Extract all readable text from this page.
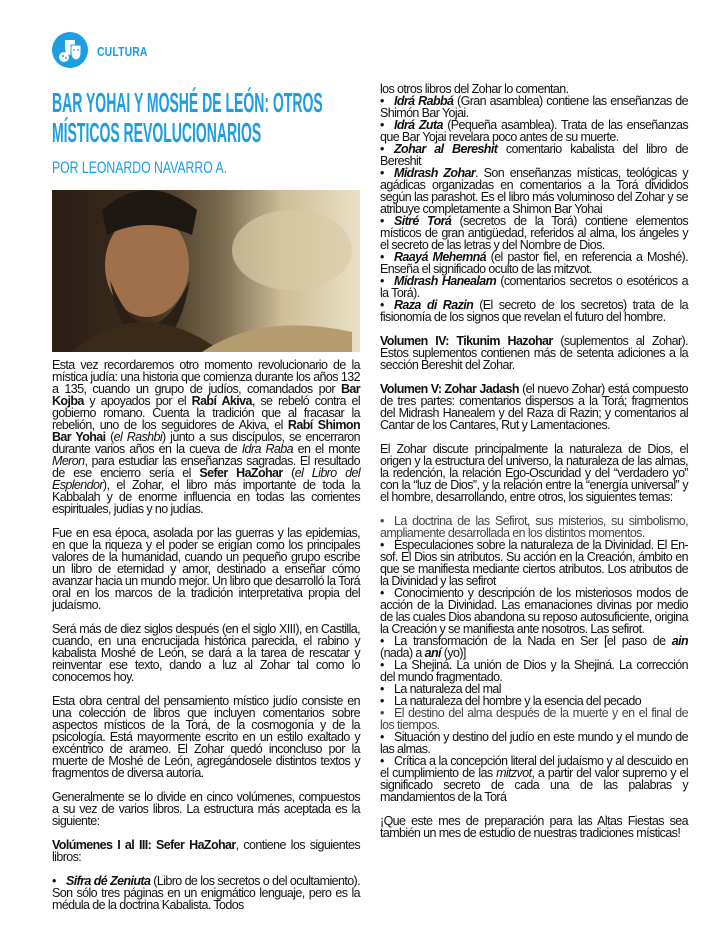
CULTURA
BAR YOHAI Y MOSHÉ DE LEÓN: OTROS
MÍSTICOS REVOLUCIONARIOS
POR LEONARDO NAVARRO A.

Esta vez recordaremos otro momento revolucionario de la mística judía: una historia que comienza durante los años 132 a 135, cuando un grupo de judíos, comandados por Bar Kojba y apoyados por el Rabí Akiva, se rebeló contra el gobierno romano. Cuenta la tradición que al fracasar la rebelión, uno de los seguidores de Akiva, el Rabí Shimon Bar Yohai (el Rashbi) junto a sus discípulos, se encerraron durante varios años en la cueva de Idra Raba en el monte Meron, para estudiar las enseñanzas sagradas. El resultado de ese encierro sería el Sefer HaZohar (el Libro del Esplendor), el Zohar, el libro más importante de toda la Kabbalah y de enorme influencia en todas las corrientes espirituales, judías y no judías.

Fue en esa época, asolada por las guerras y las epidemias, en que la riqueza y el poder se erigían como los principales valores de la humanidad, cuando un pequeño grupo escribe un libro de eternidad y amor, destinado a enseñar cómo avanzar hacia un mundo mejor. Un libro que desarrolló la Torá oral en los marcos de la tradición interpretativa propia del judaísmo.

Será más de diez siglos después (en el siglo XIII), en Castilla, cuando, en una encrucijada histórica parecida, el rabino y kabalista Moshé de León, se dará a la tarea de rescatar y reinventar ese texto, dando a luz al Zohar tal como lo conocemos hoy.

Esta obra central del pensamiento místico judío consiste en una colección de libros que incluyen comentarios sobre aspectos místicos de la Torá, de la cosmogonía y de la psicología. Está mayormente escrito en un estilo exaltado y excéntrico de arameo. El Zohar quedó inconcluso por la muerte de Moshé de León, agregándosele distintos textos y fragmentos de diversa autoría.

Generalmente se lo divide en cinco volúmenes, compuestos a su vez de varios libros. La estructura más aceptada es la siguiente:

Volúmenes I al III: Sefer HaZohar, contiene los siguientes libros:

• Sifra dé Zeniuta (Libro de los secretos o del ocultamiento). Son sólo tres páginas en un enigmático lenguaje, pero es la médula de la doctrina Kabalista. Todos

los otros libros del Zohar lo comentan.

• Idrá Rabbá (Gran asamblea) contiene las enseñanzas de Shimón Bar Yojai.

• Idrá Zuta (Pequeña asamblea). Trata de las enseñanzas que Bar Yojai revelara poco antes de su muerte.

• Zohar al Bereshit comentario kabalista del libro de Bereshit

• Midrash Zohar. Son enseñanzas místicas, teológicas y agádicas organizadas en comentarios a la Torá divididos según las parashot. Es el libro más voluminoso del Zohar y se atribuye completamente a Shimon Bar Yohai

• Sitré Torá (secretos de la Torá) contiene elementos místicos de gran antigüedad, referidos al alma, los ángeles y el secreto de las letras y del Nombre de Dios.

• Raayá Mehemná (el pastor fiel, en referencia a Moshé). Enseña el significado oculto de las mitzvot.

• Midrash Hanealam (comentarios secretos o esotéricos a la Torá).

• Raza di Razin (El secreto de los secretos) trata de la fisionomía de los signos que revelan el futuro del hombre.

Volumen IV: Tikunim Hazohar (suplementos al Zohar). Estos suplementos contienen más de setenta adiciones a la sección Bereshit del Zohar.

Volumen V: Zohar Jadash (el nuevo Zohar) está compuesto de tres partes: comentarios dispersos a la Torá; fragmentos del Midrash Hanealem y del Raza di Razin; y comentarios al Cantar de los Cantares, Rut y Lamentaciones.

El Zohar discute principalmente la naturaleza de Dios, el origen y la estructura del universo, la naturaleza de las almas, la redención, la relación Ego-Oscuridad y del “verdadero yo” con la “luz de Dios”, y la relación entre la “energía universal” y el hombre, desarrollando, entre otros, los siguientes temas:

• La doctrina de las Sefirot, sus misterios, su simbolismo, ampliamente desarrollada en los distintos momentos.

• Especulaciones sobre la naturaleza de la Divinidad. El En-sof. El Dios sin atributos. Su acción en la Creación, ámbito en que se manifiesta mediante ciertos atributos. Los atributos de la Divinidad y las sefirot

• Conocimiento y descripción de los misteriosos modos de acción de la Divinidad. Las emanaciones divinas por medio de las cuales Dios abandona su reposo autosuficiente, origina la Creación y se manifiesta ante nosotros. Las sefirot.

• La transformación de la Nada en Ser [el paso de ain (nada) a aní (yo)]

• La Shejiná. La unión de Dios y la Shejiná. La corrección del mundo fragmentado.

• La naturaleza del mal

• La naturaleza del hombre y la esencia del pecado

• El destino del alma después de la muerte y en el final de los tiempos.

• Situación y destino del judío en este mundo y el mundo de las almas.

• Crítica a la concepción literal del judaísmo y al descuido en el cumplimiento de las mitzvot, a partir del valor supremo y el significado secreto de cada una de las palabras y mandamientos de la Torá

¡Que este mes de preparación para las Altas Fiestas sea también un mes de estudio de nuestras tradiciones místicas!
